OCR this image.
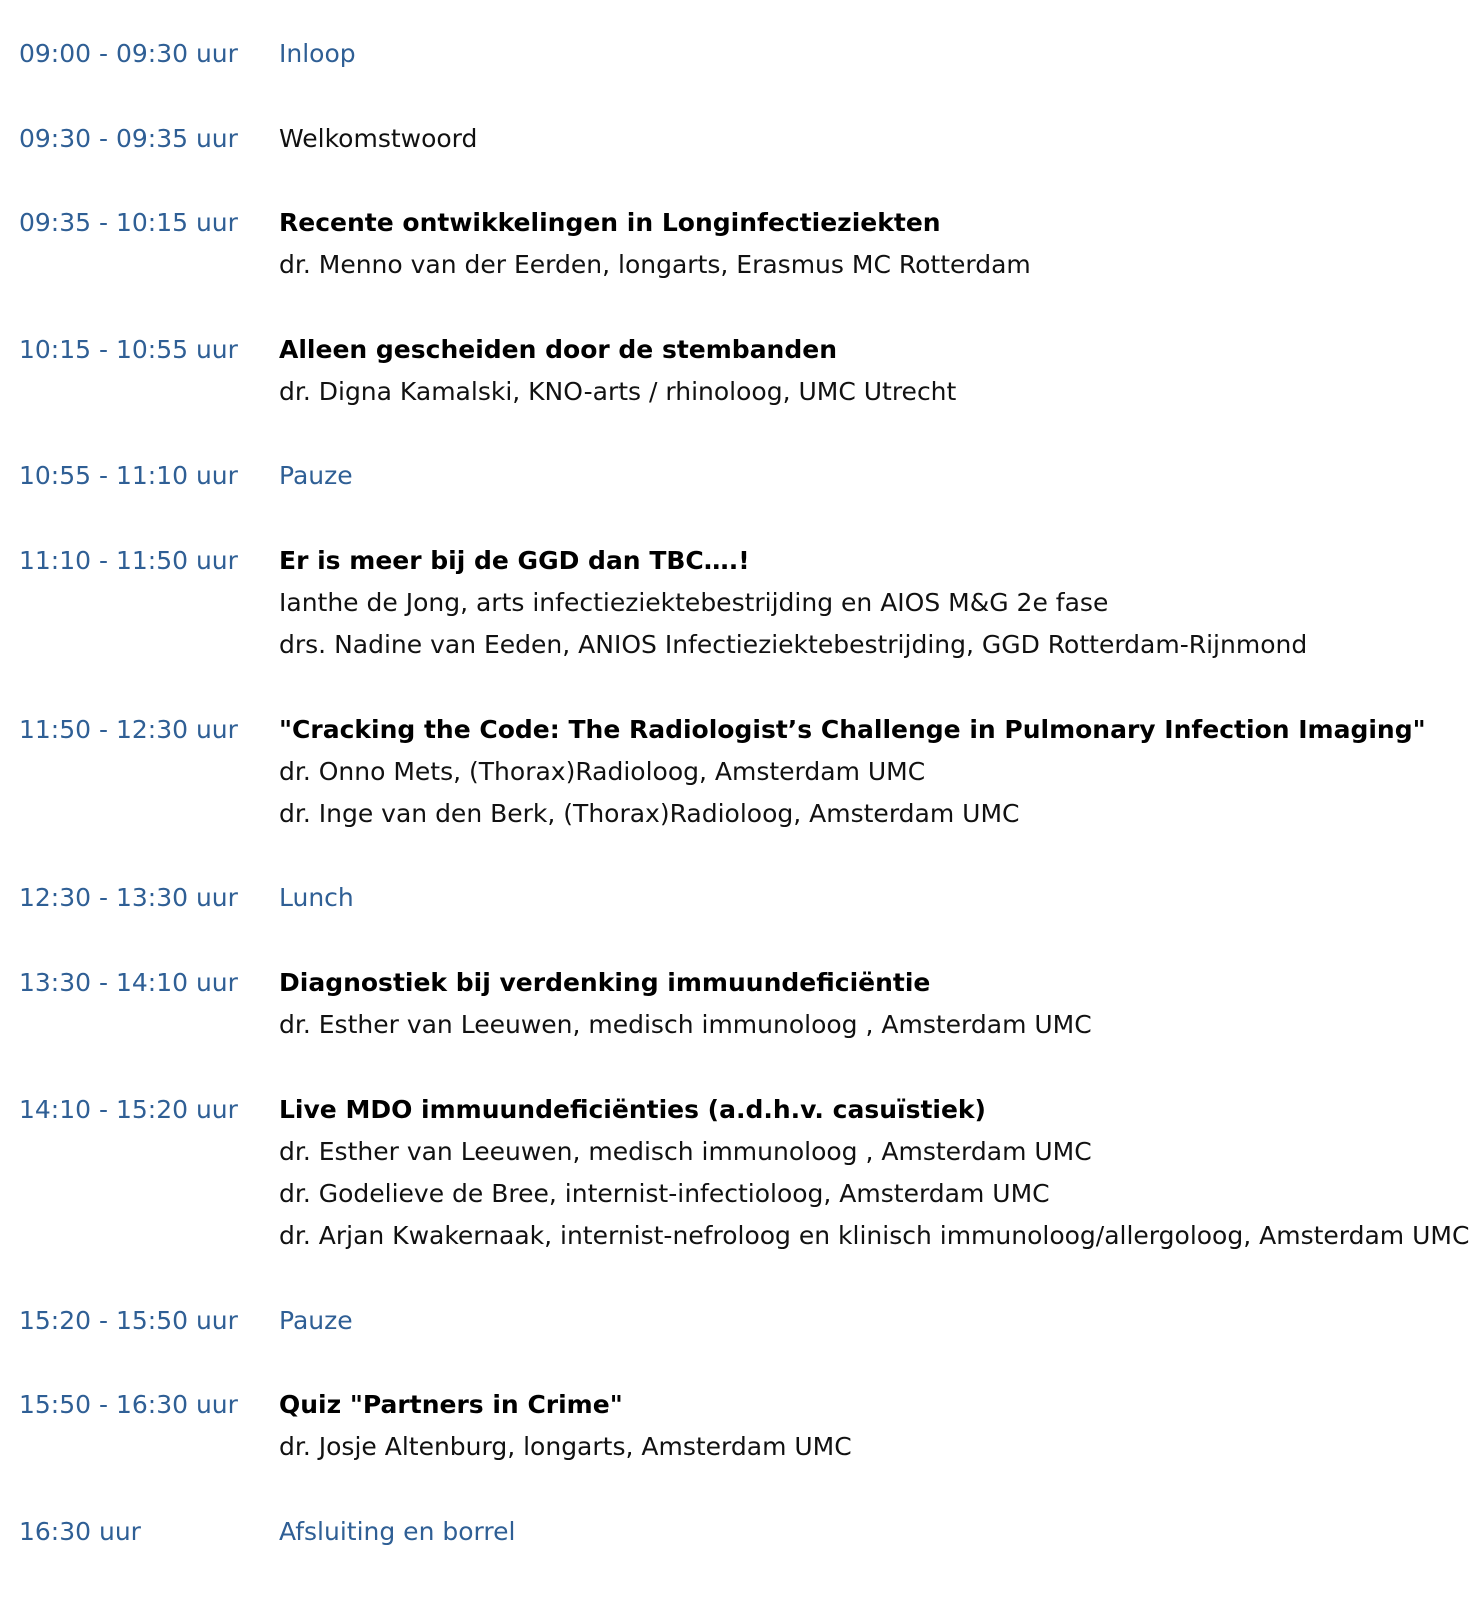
09:00 - 09:30 uur	Inloop
09:30 - 09:35 uur	Welkomstwoord
09:35 - 10:15 uur	Recente ontwikkelingen in Longinfectieziekten
dr. Menno van der Eerden, longarts, Erasmus MC Rotterdam
10:15 - 10:55 uur	Alleen gescheiden door de stembanden
dr. Digna Kamalski, KNO-arts / rhinoloog, UMC Utrecht
10:55 - 11:10 uur	Pauze
11:10 - 11:50 uur	Er is meer bij de GGD dan TBC….!
Ianthe de Jong, arts infectieziektebestrijding en AIOS M&G 2e fase
drs. Nadine van Eeden, ANIOS Infectieziektebestrijding, GGD Rotterdam-Rijnmond
11:50 - 12:30 uur	"Cracking the Code: The Radiologist’s Challenge in Pulmonary Infection Imaging"
dr. Onno Mets, (Thorax)Radioloog, Amsterdam UMC
dr. Inge van den Berk, (Thorax)Radioloog, Amsterdam UMC
12:30 - 13:30 uur	Lunch
13:30 - 14:10 uur	Diagnostiek bij verdenking immuundeficiëntie
dr. Esther van Leeuwen, medisch immunoloog , Amsterdam UMC
14:10 - 15:20 uur	Live MDO immuundeficiënties (a.d.h.v. casuïstiek)
dr. Esther van Leeuwen, medisch immunoloog , Amsterdam UMC
dr. Godelieve de Bree, internist-infectioloog, Amsterdam UMC
dr. Arjan Kwakernaak, internist-nefroloog en klinisch immunoloog/allergoloog, Amsterdam UMC
15:20 - 15:50 uur	Pauze
15:50 - 16:30 uur	Quiz "Partners in Crime"
dr. Josje Altenburg, longarts, Amsterdam UMC
16:30 uur	Afsluiting en borrel
